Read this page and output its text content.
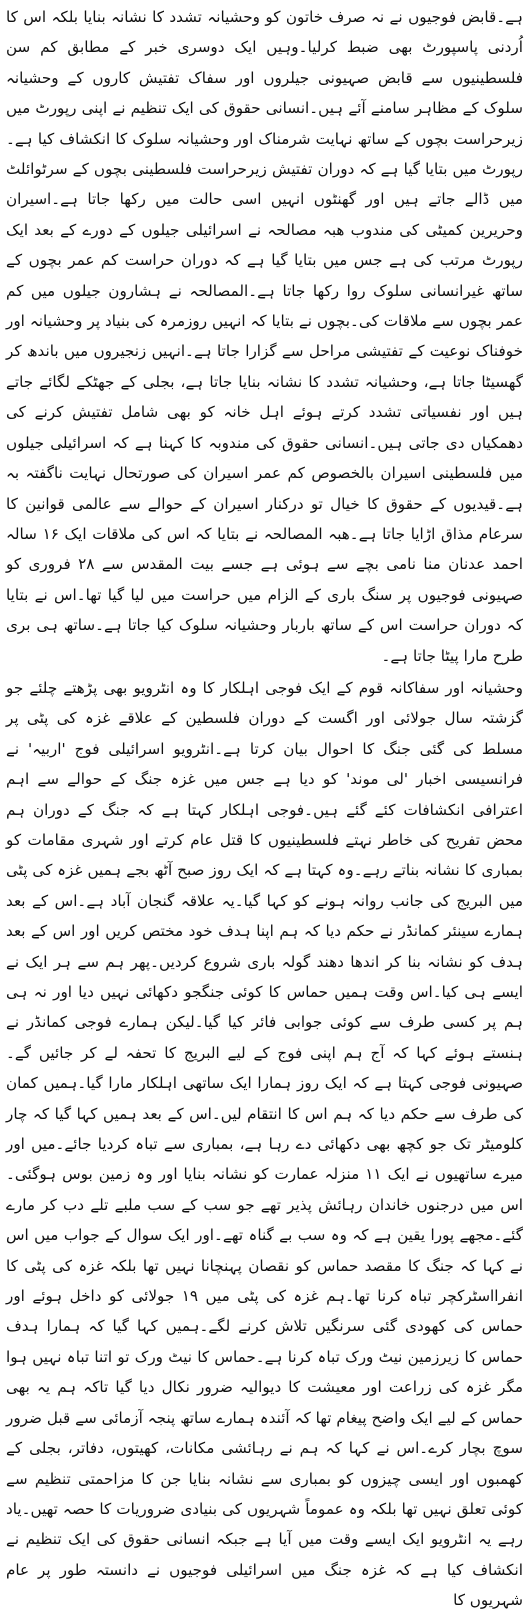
ہے۔قابض فوجیوں نے نہ صرف خاتون کو وحشیانہ تشدد کا نشانہ بنایا بلکہ اس کا اُردنی پاسپورٹ بھی ضبط کرلیا۔وہیں ایک دوسری خبر کے مطابق کم سن فلسطینیوں سے قابض صہیونی جیلروں اور سفاک تفتیش کاروں کے وحشیانہ سلوک کے مظاہر سامنے آئے ہیں۔انسانی حقوق کی ایک تنظیم نے اپنی رپورٹ میں زیرحراست بچوں کے ساتھ نہایت شرمناک اور وحشیانہ سلوک کا انکشاف کیا ہے۔رپورٹ میں بتایا گیا ہے کہ دوران تفتیش زیرحراست فلسطینی بچوں کے سرٹوائلٹ میں ڈالے جاتے ہیں اور گھنٹوں انہیں اسی حالت میں رکھا جاتا ہے۔اسیران وحریرین کمیٹی کی مندوب ھبہ مصالحہ نے اسرائیلی جیلوں کے دورے کے بعد ایک رپورٹ مرتب کی ہے جس میں بتایا گیا ہے کہ دوران حراست کم عمر بچوں کے ساتھ غیرانسانی سلوک روا رکھا جاتا ہے۔المصالحہ نے ہشارون جیلوں میں کم عمر بچوں سے ملاقات کی۔بچوں نے بتایا کہ انہیں روزمرہ کی بنیاد پر وحشیانہ اور خوفناک نوعیت کے تفتیشی مراحل سے گزارا جاتا ہے۔انہیں زنجیروں میں باندھ کر گھسیٹا جاتا ہے، وحشیانہ تشدد کا نشانہ بنایا جاتا ہے، بجلی کے جھٹکے لگائے جاتے ہیں اور نفسیاتی تشدد کرتے ہوئے اہل خانہ کو بھی شامل تفتیش کرنے کی دھمکیاں دی جاتی ہیں۔انسانی حقوق کی مندوبہ کا کہنا ہے کہ اسرائیلی جیلوں میں فلسطینی اسیران بالخصوص کم عمر اسیران کی صورتحال نہایت ناگفتہ بہ ہے۔قیدیوں کے حقوق کا خیال تو درکنار اسیران کے حوالے سے عالمی قوانین کا سرعام مذاق اڑایا جاتا ہے۔ھبہ المصالحہ نے بتایا کہ اس کی ملاقات ایک ۱۶ سالہ احمد عدنان منا نامی بچے سے ہوئی ہے جسے بیت المقدس سے ۲۸ فروری کو صہیونی فوجیوں پر سنگ باری کے الزام میں حراست میں لیا گیا تھا۔اس نے بتایا کہ دوران حراست اس کے ساتھ باربار وحشیانہ سلوک کیا جاتا ہے۔ساتھ ہی بری طرح مارا پیٹا جاتا ہے۔

وحشیانہ اور سفاکانہ قوم کے ایک فوجی اہلکار کا وہ انٹرویو بھی پڑھتے چلئے جو گزشتہ سال جولائی اور اگست کے دوران فلسطین کے علاقے غزہ کی پٹی پر مسلط کی گئی جنگ کا احوال بیان کرتا ہے۔انٹرویو اسرائیلی فوج 'اربیہ' نے فرانسیسی اخبار 'لی موند' کو دیا ہے جس میں غزہ جنگ کے حوالے سے اہم اعترافی انکشافات کئے گئے ہیں۔فوجی اہلکار کہتا ہے کہ جنگ کے دوران ہم محض تفریح کی خاطر نہتے فلسطینیوں کا قتل عام کرتے اور شہری مقامات کو بمباری کا نشانہ بناتے رہے۔وہ کہتا ہے کہ ایک روز صبح آٹھ بجے ہمیں غزہ کی پٹی میں البریج کی جانب روانہ ہونے کو کہا گیا۔یہ علاقہ گنجان آباد ہے۔اس کے بعد ہمارے سینئر کمانڈر نے حکم دیا کہ ہم اپنا ہدف خود مختص کریں اور اس کے بعد ہدف کو نشانہ بنا کر اندھا دھند گولہ باری شروع کردیں۔پھر ہم سے ہر ایک نے ایسے ہی کیا۔اس وقت ہمیں حماس کا کوئی جنگجو دکھائی نہیں دیا اور نہ ہی ہم پر کسی طرف سے کوئی جوابی فائر کیا گیا۔لیکن ہمارے فوجی کمانڈر نے ہنستے ہوئے کہا کہ آج ہم اپنی فوج کے لیے البریج کا تحفہ لے کر جائیں گے۔صہیونی فوجی کہتا ہے کہ ایک روز ہمارا ایک ساتھی اہلکار مارا گیا۔ہمیں کمان کی طرف سے حکم دیا کہ ہم اس کا انتقام لیں۔اس کے بعد ہمیں کہا گیا کہ چار کلومیٹر تک جو کچھ بھی دکھائی دے رہا ہے، بمباری سے تباہ کردیا جائے۔میں اور میرے ساتھیوں نے ایک ۱۱ منزلہ عمارت کو نشانہ بنایا اور وہ زمین بوس ہوگئی۔اس میں درجنوں خاندان رہائش پذیر تھے جو سب کے سب ملبے تلے دب کر مارے گئے۔مجھے پورا یقین ہے کہ وہ سب بے گناہ تھے۔اور ایک سوال کے جواب میں اس نے کہا کہ جنگ کا مقصد حماس کو نقصان پہنچانا نہیں تھا بلکہ غزہ کی پٹی کا انفرااسٹرکچر تباہ کرنا تھا۔ہم غزہ کی پٹی میں ۱۹ جولائی کو داخل ہوئے اور حماس کی کھودی گئی سرنگیں تلاش کرنے لگے۔ہمیں کہا گیا کہ ہمارا ہدف حماس کا زیرزمین نیٹ ورک تباہ کرنا ہے۔حماس کا نیٹ ورک تو اتنا تباہ نہیں ہوا مگر غزہ کی زراعت اور معیشت کا دیوالیہ ضرور نکال دیا گیا تاکہ ہم یہ بھی حماس کے لیے ایک واضح پیغام تھا کہ آئندہ ہمارے ساتھ پنجہ آزمائی سے قبل ضرور سوچ بچار کرے۔اس نے کہا کہ ہم نے رہائشی مکانات، کھیتوں، دفاتر، بجلی کے کھمبوں اور ایسی چیزوں کو بمباری سے نشانہ بنایا جن کا مزاحمتی تنظیم سے کوئی تعلق نہیں تھا بلکہ وہ عموماً شہریوں کی بنیادی ضروریات کا حصہ تھیں۔یاد رہے یہ انٹرویو ایک ایسے وقت میں آیا ہے جبکہ انسانی حقوق کی ایک تنظیم نے انکشاف کیا ہے کہ غزہ جنگ میں اسرائیلی فوجیوں نے دانستہ طور پر عام شہریوں کا
